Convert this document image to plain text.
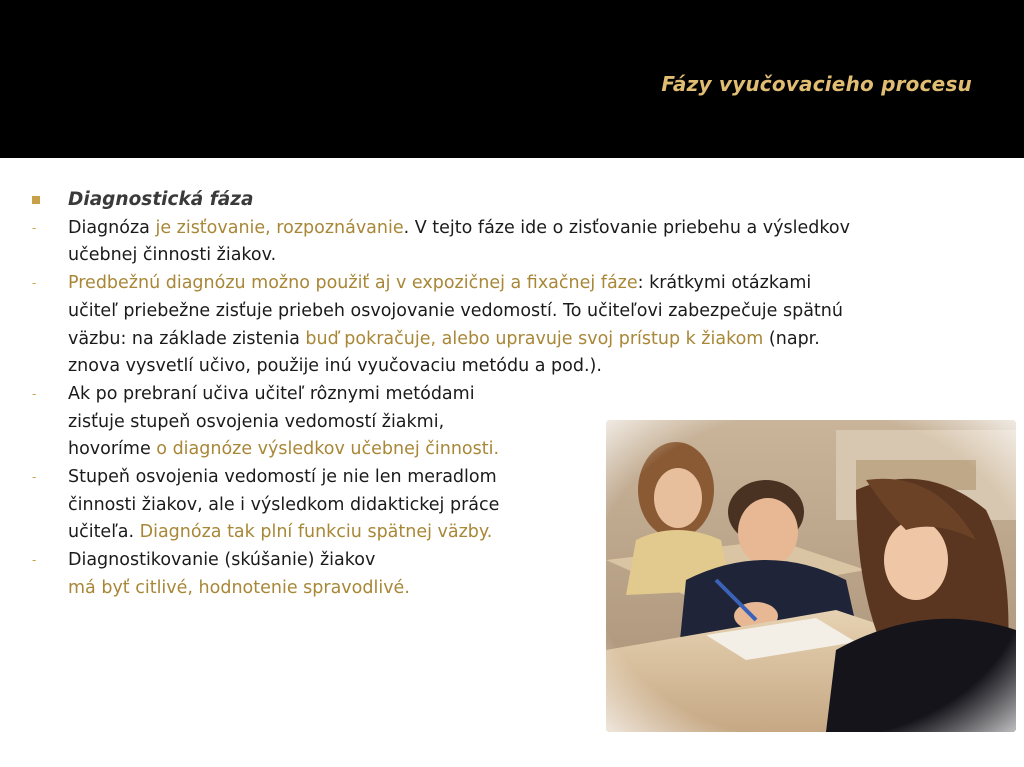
Fázy vyučovacieho procesu
Diagnostická fáza
- Diagnóza je zisťovanie, rozpoznávanie. V tejto fáze ide o zisťovanie priebehu a výsledkov
učebnej činnosti žiakov.
- Predbežnú diagnózu možno použiť aj v expozičnej a fixačnej fáze: krátkymi otázkami
učiteľ priebežne zisťuje priebeh osvojovanie vedomostí. To učiteľovi zabezpečuje spätnú
väzbu: na základe zistenia buď pokračuje, alebo upravuje svoj prístup k žiakom (napr.
znova vysvetlí učivo, použije inú vyučovaciu metódu a pod.).
- Ak po prebraní učiva učiteľ rôznymi metódami
zisťuje stupeň osvojenia vedomostí žiakmi,
hovoríme o diagnóze výsledkov učebnej činnosti.
- Stupeň osvojenia vedomostí je nie len meradlom
činnosti žiakov, ale i výsledkom didaktickej práce
učiteľa. Diagnóza tak plní funkciu spätnej väzby.
- Diagnostikovanie (skúšanie) žiakov
má byť citlivé, hodnotenie spravodlivé.
